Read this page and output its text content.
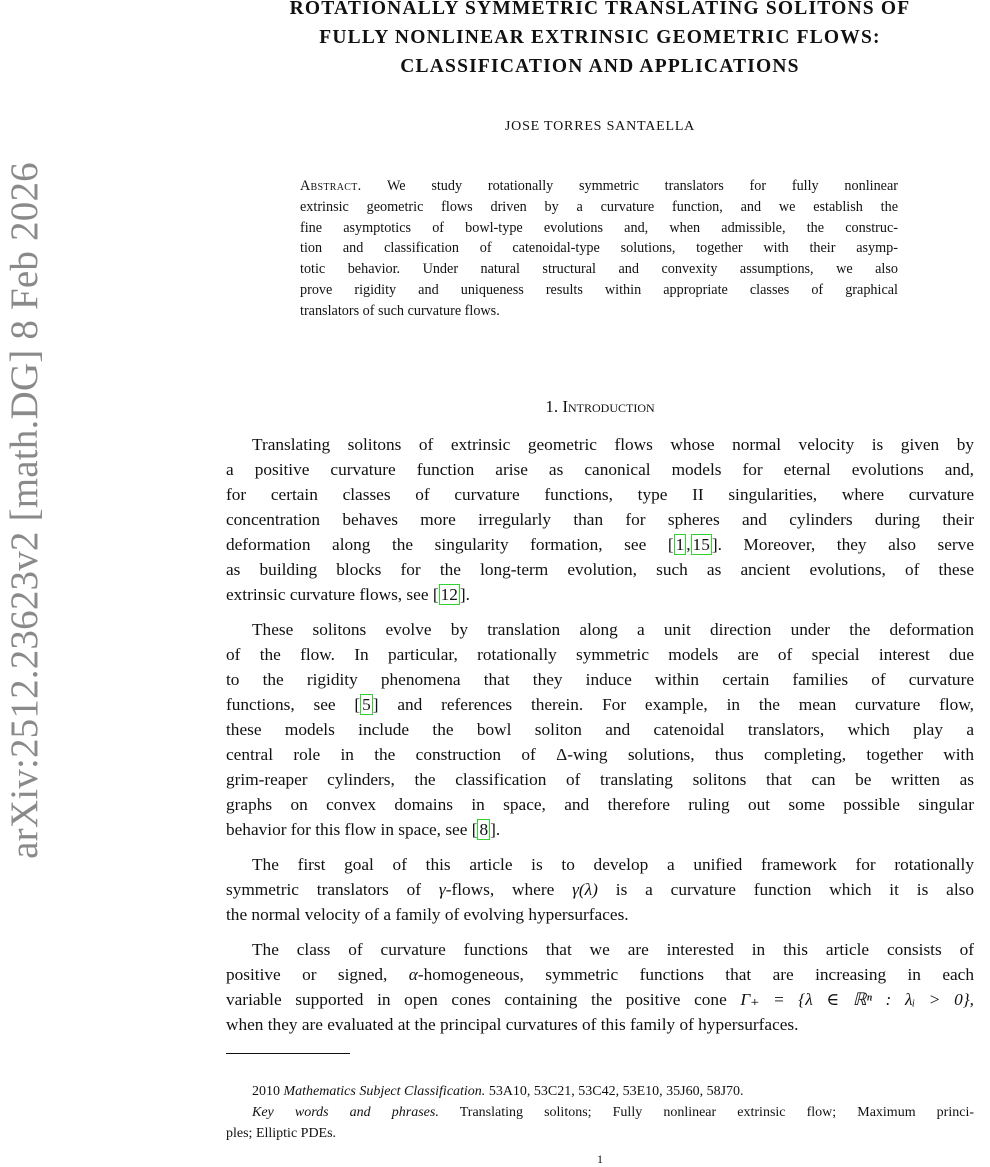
arXiv:2512.23623v2 [math.DG] 8 Feb 2026
ROTATIONALLY SYMMETRIC TRANSLATING SOLITONS OF
FULLY NONLINEAR EXTRINSIC GEOMETRIC FLOWS:
CLASSIFICATION AND APPLICATIONS

JOSE TORRES SANTAELLA

Abstract. We study rotationally symmetric translators for fully nonlinear
extrinsic geometric flows driven by a curvature function, and we establish the
fine asymptotics of bowl-type evolutions and, when admissible, the construc-
tion and classification of catenoidal-type solutions, together with their asymp-
totic behavior. Under natural structural and convexity assumptions, we also
prove rigidity and uniqueness results within appropriate classes of graphical
translators of such curvature flows.
1. Introduction
Translating solitons of extrinsic geometric flows whose normal velocity is given by
a positive curvature function arise as canonical models for eternal evolutions and,
for certain classes of curvature functions, type II singularities, where curvature
concentration behaves more irregularly than for spheres and cylinders during their
deformation along the singularity formation, see [ 1 , 15 ]. Moreover, they also serve
as building blocks for the long-term evolution, such as ancient evolutions, of these
extrinsic curvature flows, see [ 12 ].
These solitons evolve by translation along a unit direction under the deformation
of the flow. In particular, rotationally symmetric models are of special interest due
to the rigidity phenomena that they induce within certain families of curvature
functions, see [ 5 ] and references therein. For example, in the mean curvature flow,
these models include the bowl soliton and catenoidal translators, which play a
central role in the construction of Δ-wing solutions, thus completing, together with
grim-reaper cylinders, the classification of translating solitons that can be written as
graphs on convex domains in space, and therefore ruling out some possible singular
behavior for this flow in space, see [ 8 ].
The first goal of this article is to develop a unified framework for rotationally
symmetric translators of γ-flows, where γ(λ) is a curvature function which it is also
the normal velocity of a family of evolving hypersurfaces.
The class of curvature functions that we are interested in this article consists of
positive or signed, α-homogeneous, symmetric functions that are increasing in each
variable supported in open cones containing the positive cone Γ₊ = {λ ∈ ℝⁿ : λᵢ > 0},
when they are evaluated at the principal curvatures of this family of hypersurfaces.
2010 Mathematics Subject Classification. 53A10, 53C21, 53C42, 53E10, 35J60, 58J70.
Key words and phrases. Translating solitons; Fully nonlinear extrinsic flow; Maximum princi-
ples; Elliptic PDEs.

1
